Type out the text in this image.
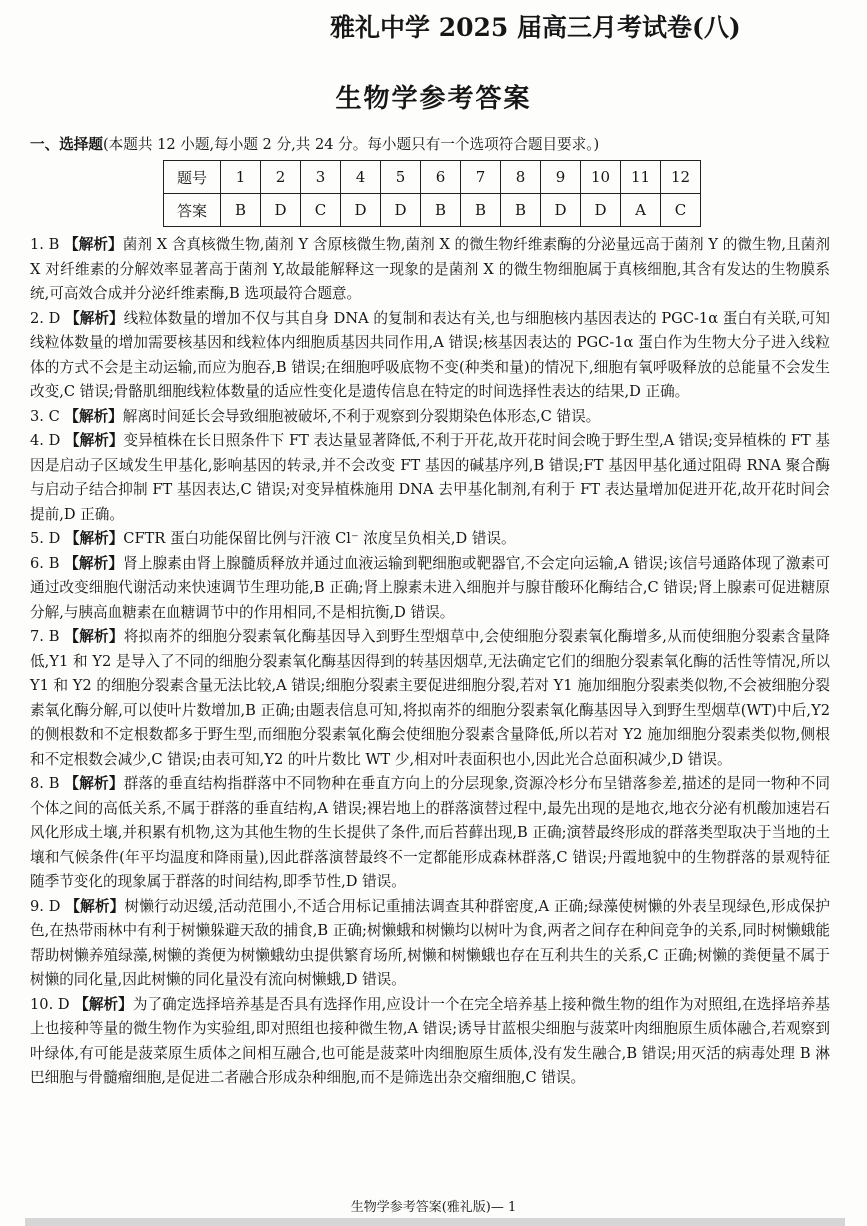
雅礼中学 2025 届高三月考试卷(八)
生物学参考答案
一、选择题(本题共 12 小题,每小题 2 分,共 24 分。每小题只有一个选项符合题目要求。)
题号	1	2	3	4	5	6	7	8	9	10	11	12
答案	B	D	C	D	D	B	B	B	D	D	A	C
1. B 【解析】菌剂 X 含真核微生物,菌剂 Y 含原核微生物,菌剂 X 的微生物纤维素酶的分泌量远高于菌剂 Y 的微生物,且菌剂 X 对纤维素的分解效率显著高于菌剂 Y,故最能解释这一现象的是菌剂 X 的微生物细胞属于真核细胞,其含有发达的生物膜系统,可高效合成并分泌纤维素酶,B 选项最符合题意。
2. D 【解析】线粒体数量的增加不仅与其自身 DNA 的复制和表达有关,也与细胞核内基因表达的 PGC-1α 蛋白有关联,可知线粒体数量的增加需要核基因和线粒体内细胞质基因共同作用,A 错误;核基因表达的 PGC-1α 蛋白作为生物大分子进入线粒体的方式不会是主动运输,而应为胞吞,B 错误;在细胞呼吸底物不变(种类和量)的情况下,细胞有氧呼吸释放的总能量不会发生改变,C 错误;骨骼肌细胞线粒体数量的适应性变化是遗传信息在特定的时间选择性表达的结果,D 正确。
3. C 【解析】解离时间延长会导致细胞被破坏,不利于观察到分裂期染色体形态,C 错误。
4. D 【解析】变异植株在长日照条件下 FT 表达量显著降低,不利于开花,故开花时间会晚于野生型,A 错误;变异植株的 FT 基因是启动子区域发生甲基化,影响基因的转录,并不会改变 FT 基因的碱基序列,B 错误;FT 基因甲基化通过阻碍 RNA 聚合酶与启动子结合抑制 FT 基因表达,C 错误;对变异植株施用 DNA 去甲基化制剂,有利于 FT 表达量增加促进开花,故开花时间会提前,D 正确。
5. D 【解析】CFTR 蛋白功能保留比例与汗液 Cl⁻ 浓度呈负相关,D 错误。
6. B 【解析】肾上腺素由肾上腺髓质释放并通过血液运输到靶细胞或靶器官,不会定向运输,A 错误;该信号通路体现了激素可通过改变细胞代谢活动来快速调节生理功能,B 正确;肾上腺素未进入细胞并与腺苷酸环化酶结合,C 错误;肾上腺素可促进糖原分解,与胰高血糖素在血糖调节中的作用相同,不是相抗衡,D 错误。
7. B 【解析】将拟南芥的细胞分裂素氧化酶基因导入到野生型烟草中,会使细胞分裂素氧化酶增多,从而使细胞分裂素含量降低,Y1 和 Y2 是导入了不同的细胞分裂素氧化酶基因得到的转基因烟草,无法确定它们的细胞分裂素氧化酶的活性等情况,所以 Y1 和 Y2 的细胞分裂素含量无法比较,A 错误;细胞分裂素主要促进细胞分裂,若对 Y1 施加细胞分裂素类似物,不会被细胞分裂素氧化酶分解,可以使叶片数增加,B 正确;由题表信息可知,将拟南芥的细胞分裂素氧化酶基因导入到野生型烟草(WT)中后,Y2 的侧根数和不定根数都多于野生型,而细胞分裂素氧化酶会使细胞分裂素含量降低,所以若对 Y2 施加细胞分裂素类似物,侧根和不定根数会减少,C 错误;由表可知,Y2 的叶片数比 WT 少,相对叶表面积也小,因此光合总面积减少,D 错误。
8. B 【解析】群落的垂直结构指群落中不同物种在垂直方向上的分层现象,资源冷杉分布呈错落参差,描述的是同一物种不同个体之间的高低关系,不属于群落的垂直结构,A 错误;裸岩地上的群落演替过程中,最先出现的是地衣,地衣分泌有机酸加速岩石风化形成土壤,并积累有机物,这为其他生物的生长提供了条件,而后苔藓出现,B 正确;演替最终形成的群落类型取决于当地的土壤和气候条件(年平均温度和降雨量),因此群落演替最终不一定都能形成森林群落,C 错误;丹霞地貌中的生物群落的景观特征随季节变化的现象属于群落的时间结构,即季节性,D 错误。
9. D 【解析】树懒行动迟缓,活动范围小,不适合用标记重捕法调查其种群密度,A 正确;绿藻使树懒的外表呈现绿色,形成保护色,在热带雨林中有利于树懒躲避天敌的捕食,B 正确;树懒蛾和树懒均以树叶为食,两者之间存在种间竞争的关系,同时树懒蛾能帮助树懒养殖绿藻,树懒的粪便为树懒蛾幼虫提供繁育场所,树懒和树懒蛾也存在互利共生的关系,C 正确;树懒的粪便量不属于树懒的同化量,因此树懒的同化量没有流向树懒蛾,D 错误。
10. D 【解析】为了确定选择培养基是否具有选择作用,应设计一个在完全培养基上接种微生物的组作为对照组,在选择培养基上也接种等量的微生物作为实验组,即对照组也接种微生物,A 错误;诱导甘蓝根尖细胞与菠菜叶肉细胞原生质体融合,若观察到叶绿体,有可能是菠菜原生质体之间相互融合,也可能是菠菜叶肉细胞原生质体,没有发生融合,B 错误;用灭活的病毒处理 B 淋巴细胞与骨髓瘤细胞,是促进二者融合形成杂种细胞,而不是筛选出杂交瘤细胞,C 错误。
生物学参考答案(雅礼版)— 1
